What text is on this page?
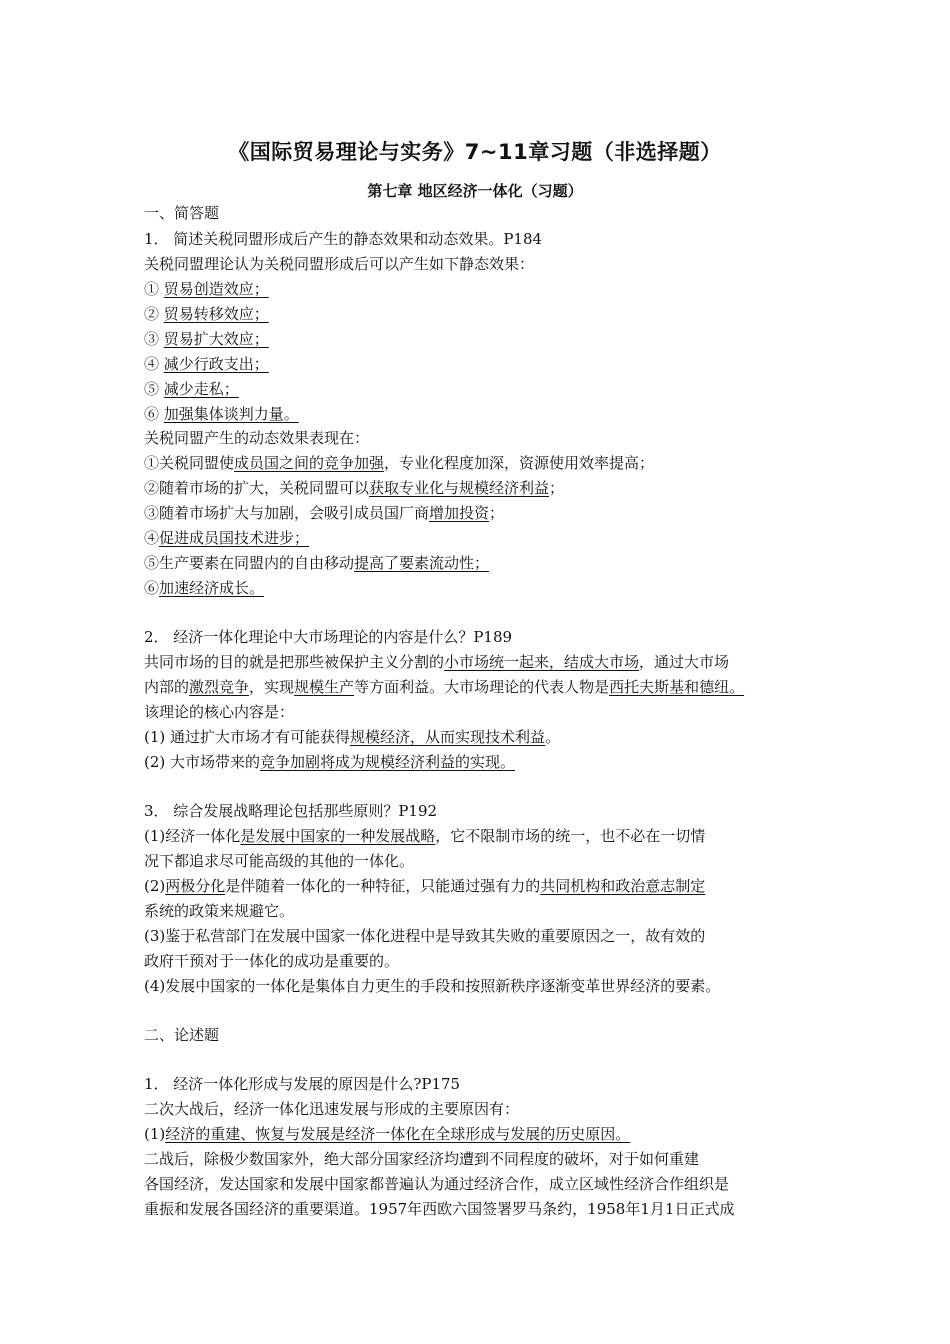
《国际贸易理论与实务》7~11章习题（非选择题）
第七章 地区经济一体化（习题）
一、简答题
1． 简述关税同盟形成后产生的静态效果和动态效果。P184
关税同盟理论认为关税同盟形成后可以产生如下静态效果：
① 贸易创造效应；
② 贸易转移效应；
③ 贸易扩大效应；
④ 减少行政支出；
⑤ 减少走私；
⑥ 加强集体谈判力量。
关税同盟产生的动态效果表现在：
①关税同盟使成员国之间的竞争加强，专业化程度加深，资源使用效率提高；
②随着市场的扩大，关税同盟可以获取专业化与规模经济利益；
③随着市场扩大与加剧，会吸引成员国厂商增加投资；
④促进成员国技术进步；
⑤生产要素在同盟内的自由移动提高了要素流动性；
⑥加速经济成长。
2． 经济一体化理论中大市场理论的内容是什么？P189
共同市场的目的就是把那些被保护主义分割的小市场统一起来，结成大市场，通过大市场
内部的激烈竞争，实现规模生产等方面利益。大市场理论的代表人物是西托夫斯基和德纽。
该理论的核心内容是：
(1) 通过扩大市场才有可能获得规模经济，从而实现技术利益。
(2) 大市场带来的竞争加剧将成为规模经济利益的实现。
3． 综合发展战略理论包括那些原则？P192
(1)经济一体化是发展中国家的一种发展战略，它不限制市场的统一，也不必在一切情
况下都追求尽可能高级的其他的一体化。
(2)两极分化是伴随着一体化的一种特征，只能通过强有力的共同机构和政治意志制定
系统的政策来规避它。
(3)鉴于私营部门在发展中国家一体化进程中是导致其失败的重要原因之一，故有效的
政府干预对于一体化的成功是重要的。
(4)发展中国家的一体化是集体自力更生的手段和按照新秩序逐渐变革世界经济的要素。
二、论述题
1． 经济一体化形成与发展的原因是什么?P175
二次大战后，经济一体化迅速发展与形成的主要原因有：
(1)经济的重建、恢复与发展是经济一体化在全球形成与发展的历史原因。
二战后，除极少数国家外，绝大部分国家经济均遭到不同程度的破坏，对于如何重建
各国经济，发达国家和发展中国家都普遍认为通过经济合作，成立区域性经济合作组织是
重振和发展各国经济的重要渠道。1957年西欧六国签署罗马条约，1958年1月1日正式成
